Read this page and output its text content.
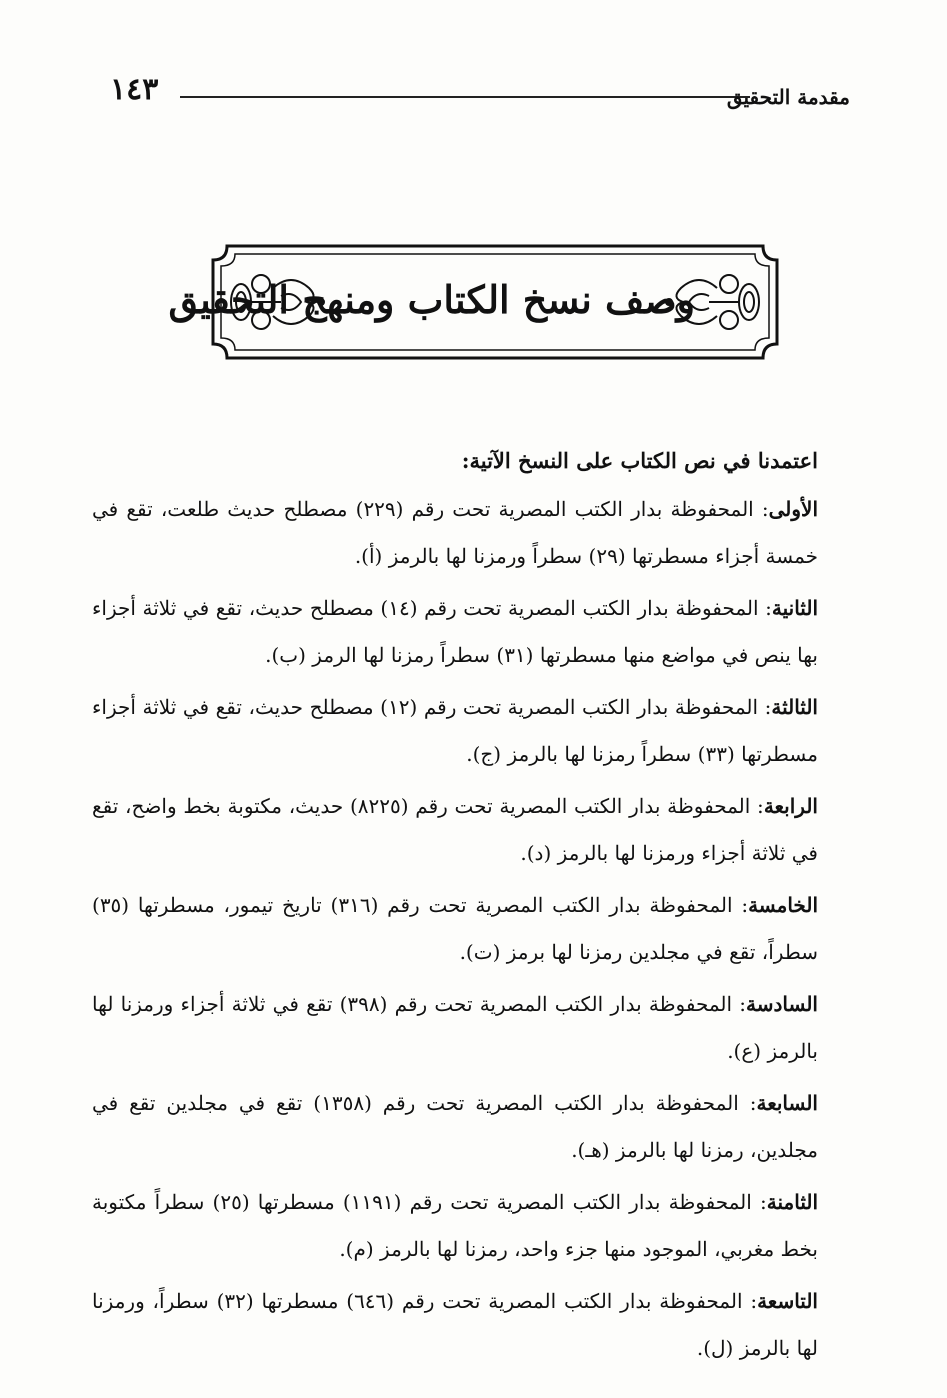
١٤٣	مقدمة التحقيق
وصف نسخ الكتاب ومنهج التحقيق

اعتمدنا في نص الكتاب على النسخ الآتية:

الأولى: المحفوظة بدار الكتب المصرية تحت رقم (٢٢٩) مصطلح حديث طلعت، تقع في خمسة أجزاء مسطرتها (٢٩) سطراً ورمزنا لها بالرمز (أ).

الثانية: المحفوظة بدار الكتب المصرية تحت رقم (١٤) مصطلح حديث، تقع في ثلاثة أجزاء بها ينص في مواضع منها مسطرتها (٣١) سطراً رمزنا لها الرمز (ب).

الثالثة: المحفوظة بدار الكتب المصرية تحت رقم (١٢) مصطلح حديث، تقع في ثلاثة أجزاء مسطرتها (٣٣) سطراً رمزنا لها بالرمز (ج).

الرابعة: المحفوظة بدار الكتب المصرية تحت رقم (٨٢٢٥) حديث، مكتوبة بخط واضح، تقع في ثلاثة أجزاء ورمزنا لها بالرمز (د).

الخامسة: المحفوظة بدار الكتب المصرية تحت رقم (٣١٦) تاريخ تيمور، مسطرتها (٣٥) سطراً، تقع في مجلدين رمزنا لها برمز (ت).

السادسة: المحفوظة بدار الكتب المصرية تحت رقم (٣٩٨) تقع في ثلاثة أجزاء ورمزنا لها بالرمز (ع).

السابعة: المحفوظة بدار الكتب المصرية تحت رقم (١٣٥٨) تقع في مجلدين تقع في مجلدين، رمزنا لها بالرمز (هـ).

الثامنة: المحفوظة بدار الكتب المصرية تحت رقم (١١٩١) مسطرتها (٢٥) سطراً مكتوبة بخط مغربي، الموجود منها جزء واحد، رمزنا لها بالرمز (م).

التاسعة: المحفوظة بدار الكتب المصرية تحت رقم (٦٤٦) مسطرتها (٣٢) سطراً، ورمزنا لها بالرمز (ل).
